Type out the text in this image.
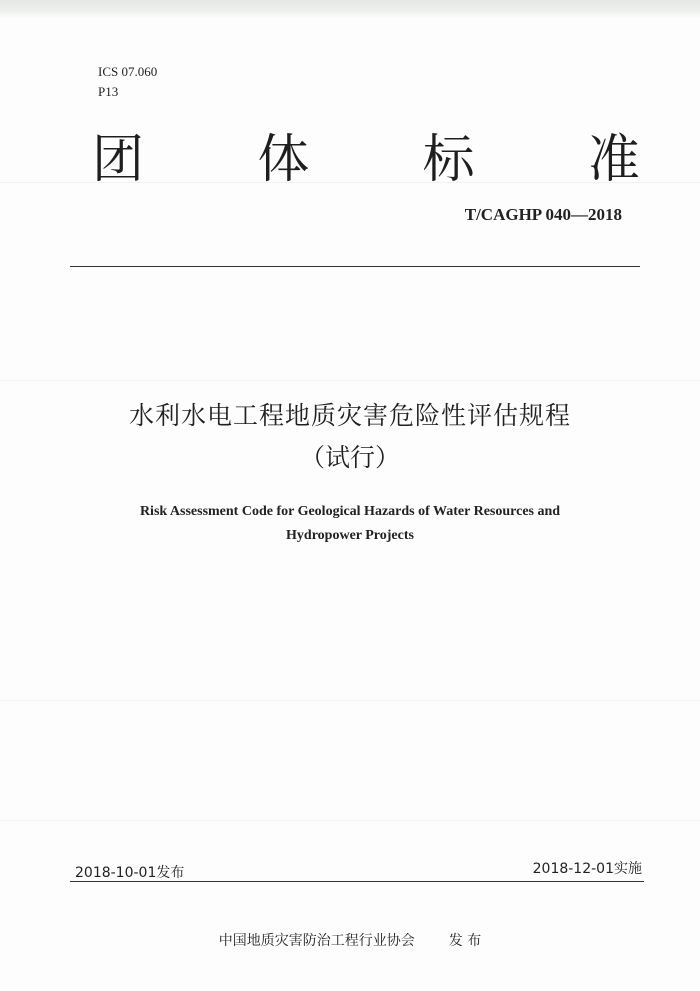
ICS 07.060
P13
团 体 标 准
T/CAGHP 040—2018
水利水电工程地质灾害危险性评估规程
（试行）
Risk Assessment Code for Geological Hazards of Water Resources and
Hydropower Projects
2018-10-01发布	2018-12-01实施
中国地质灾害防治工程行业协会 发 布
